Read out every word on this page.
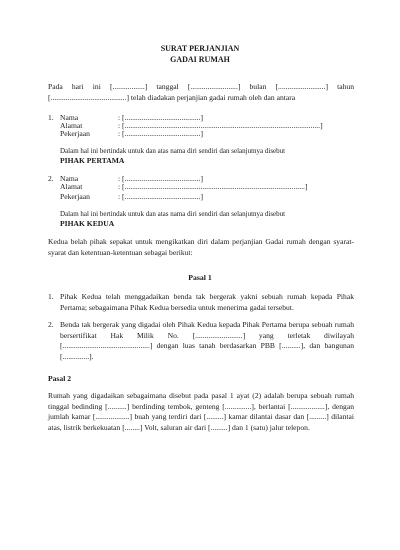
SURAT PERJANJIAN
GADAI RUMAH
Pada hari ini [.................] tanggal [.........................] bulan [.........................] tahun [........................................] telah diadakan perjanjian gadai rumah oleh dan antara
1. Nama	: [........................................]
Alamat	: [.......................................................................................................]
Pekerjaan	: [........................................]
Dalam hal ini bertindak untuk dan atas nama diri sendiri dan selanjutnya disebut
PIHAK PERTAMA
2. Nama	: [........................................]
Alamat	: [...............................................................................................]
Pekerjaan	: [........................................]
Dalam hal ini bertindak untuk dan atas nama diri sendiri dan selanjutnya disebut
PIHAK KEDUA
Kedua belah pihak sepakat untuk mengikatkan diri dalam perjanjian Gadai rumah dengan syarat-syarat dan ketentuan-ketentuan sebagai berikut:
Pasal 1
1. Pihak Kedua telah menggadaikan benda tak bergerak yakni sebuah rumah kepada Pihak Pertama; sebagaimana Pihak Kedua bersedia untuk menerima gadai tersebut.
2. Benda tak bergerak yang digadai oleh Pihak Kedua kepada Pihak Pertama berupa sebuah rumah bersertifikat Hak Milik No. [.........................] yang terletak diwilayah [..............................................] dengan luas tanah berdasarkan PBB [..........], dan bangunan [..............].
Pasal 2
Rumah yang digadaikan sebagaimana disebut pada pasal 1 ayat (2) adalah berupa sebuah rumah tinggal bedinding [..........] berdinding tembok, genteng [..............], berlantai [..................], dengan jumlah kamar [..................] buah yang terdiri dari [.........] kamar dilantai dasar dan [.........] dilantai atas, listrik berkekuatan [........] Volt, saluran air dari [.........] dan 1 (satu) jalur telepon.
